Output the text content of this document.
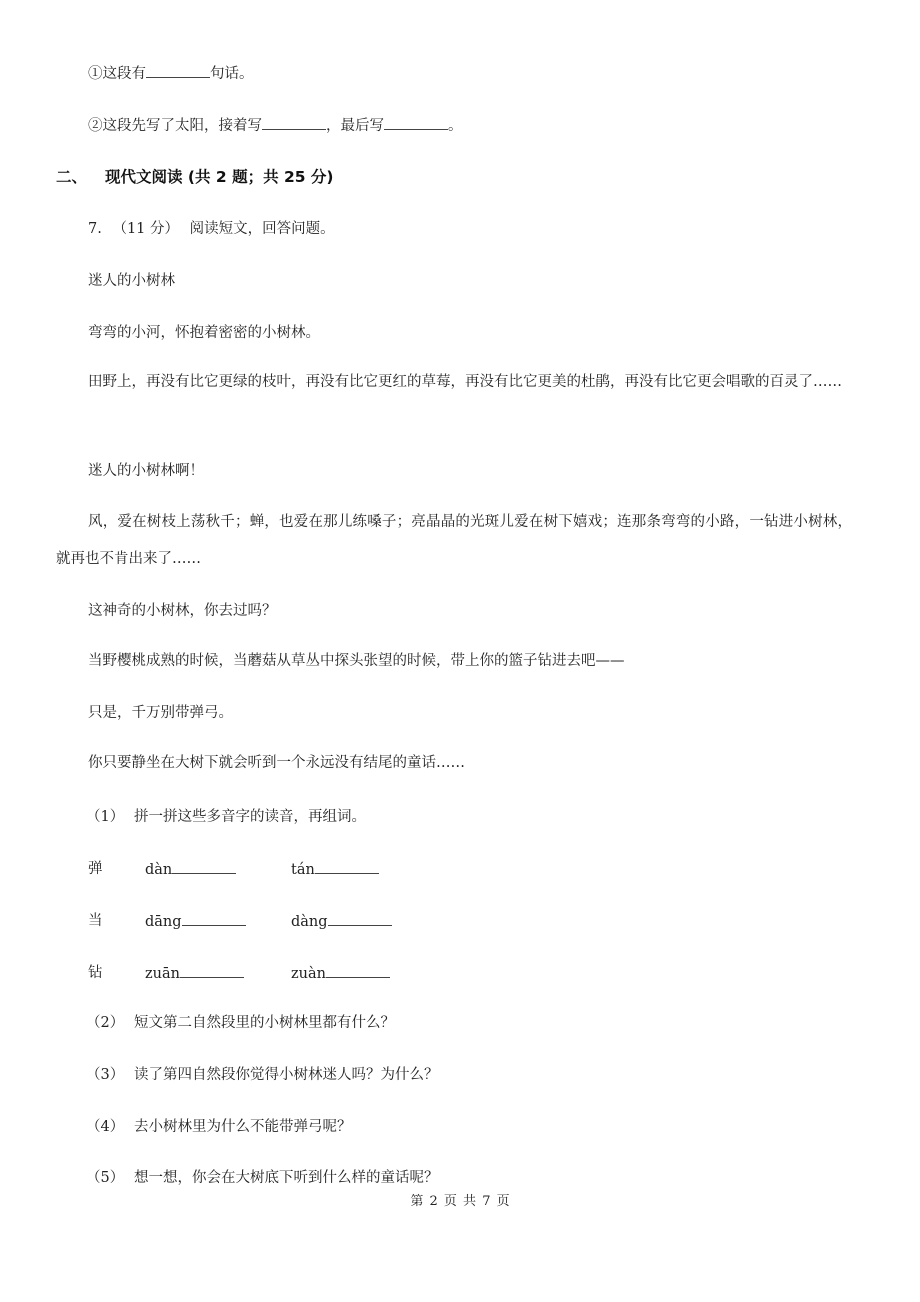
①这段有	句话。
②这段先写了太阳，接着写	，最后写	。
二、 现代文阅读 (共 2 题；共 25 分)
7. （11 分） 阅读短文，回答问题。
迷人的小树林
弯弯的小河，怀抱着密密的小树林。
田野上，再没有比它更绿的枝叶，再没有比它更红的草莓，再没有比它更美的杜鹃，再没有比它更会唱歌的百灵了……
迷人的小树林啊！
风，爱在树枝上荡秋千；蝉，也爱在那儿练嗓子；亮晶晶的光斑儿爱在树下嬉戏；连那条弯弯的小路，一钻进小树林，就再也不肯出来了……
这神奇的小树林，你去过吗？
当野樱桃成熟的时候，当蘑菇从草丛中探头张望的时候，带上你的篮子钻进去吧——
只是，千万别带弹弓。
你只要静坐在大树下就会听到一个永远没有结尾的童话……
（1） 拼一拼这些多音字的读音，再组词。
弹	dàn	tán
当	dāng	dàng
钻	zuān	zuàn
（2） 短文第二自然段里的小树林里都有什么？
（3） 读了第四自然段你觉得小树林迷人吗？为什么？
（4） 去小树林里为什么不能带弹弓呢？
（5） 想一想，你会在大树底下听到什么样的童话呢？
第 2 页 共 7 页
